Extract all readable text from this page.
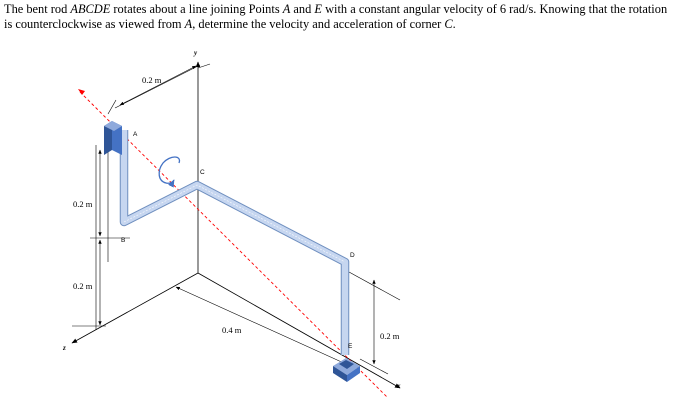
The bent rod ABCDE rotates about a line joining Points A and E with a constant angular velocity of 6 rad/s. Knowing that the rotation is counterclockwise as viewed from A, determine the velocity and acceleration of corner C.
y
x
z
A
B
C
D
E
0.2 m
0.2 m
0.2 m
0.4 m
0.2 m
